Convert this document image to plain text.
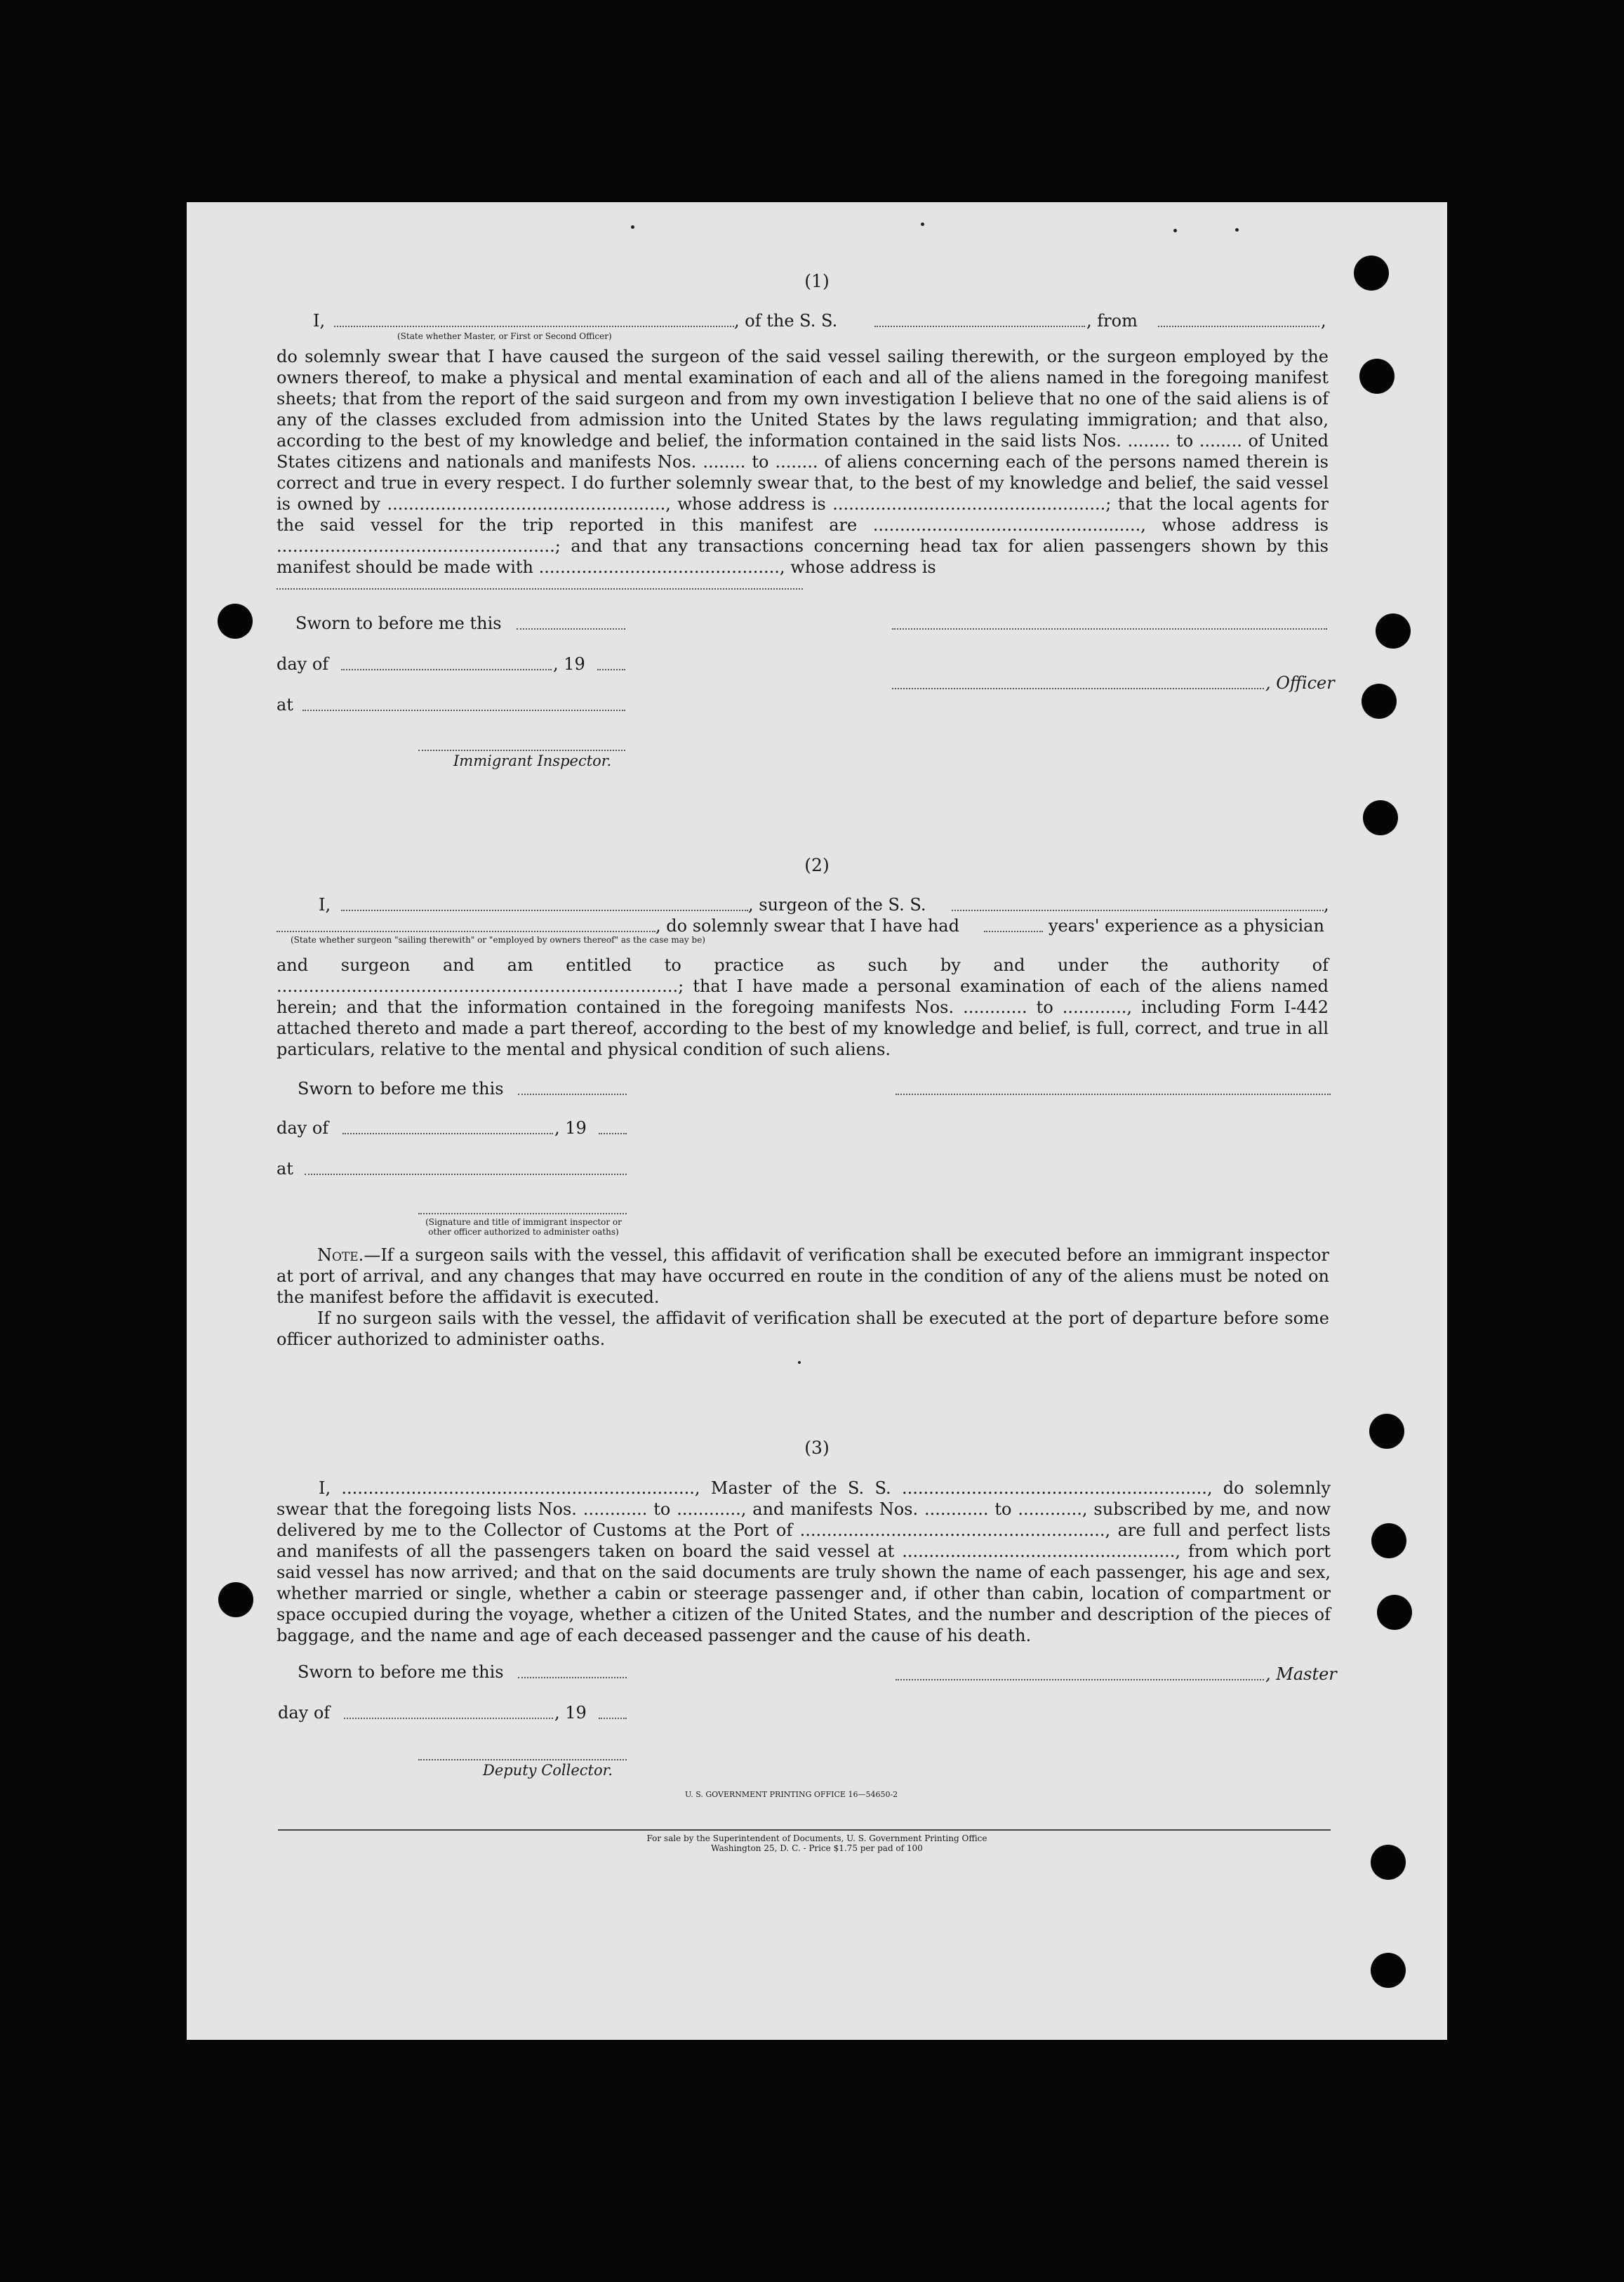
(1)
I,	, of the S. S.	, from	,
(State whether Master, or First or Second Officer)
do solemnly swear that I have caused the surgeon of the said vessel sailing therewith, or the surgeon employed by the owners thereof, to make a physical and mental examination of each and all of the aliens named in the foregoing manifest sheets; that from the report of the said surgeon and from my own investigation I believe that no one of the said aliens is of any of the classes excluded from admission into the United States by the laws regulating immigration; and that also, according to the best of my knowledge and belief, the information contained in the said lists Nos. ........ to ........ of United States citizens and nationals and manifests Nos. ........ to ........ of aliens concerning each of the persons named therein is correct and true in every respect. I do further solemnly swear that, to the best of my knowledge and belief, the said vessel is owned by ...................................................., whose address is ...................................................; that the local agents for the said vessel for the trip reported in this manifest are .................................................., whose address is ....................................................; and that any transactions concerning head tax for alien passengers shown by this manifest should be made with ............................................., whose address is
Sworn to before me this
day of	, 19
, Officer
at
Immigrant Inspector.
(2)
I,	, surgeon of the S. S.	,
, do solemnly swear that I have had	years' experience as a physician
(State whether surgeon "sailing therewith" or "employed by owners thereof" as the case may be)
and surgeon and am entitled to practice as such by and under the authority of ...........................................................................; that I have made a personal examination of each of the aliens named herein; and that the information contained in the foregoing manifests Nos. ............ to ............, including Form I-442 attached thereto and made a part thereof, according to the best of my knowledge and belief, is full, correct, and true in all particulars, relative to the mental and physical condition of such aliens.
Sworn to before me this
day of	, 19
at
(Signature and title of immigrant inspector or
other officer authorized to administer oaths)
Note.—If a surgeon sails with the vessel, this affidavit of verification shall be executed before an immigrant inspector at port of arrival, and any changes that may have occurred en route in the condition of any of the aliens must be noted on the manifest before the affidavit is executed.
If no surgeon sails with the vessel, the affidavit of verification shall be executed at the port of departure before some officer authorized to administer oaths.
(3)
I, .................................................................., Master of the S. S. ........................................................., do solemnly swear that the foregoing lists Nos. ............ to ............, and manifests Nos. ............ to ............, subscribed by me, and now delivered by me to the Collector of Customs at the Port of ........................................................., are full and perfect lists and manifests of all the passengers taken on board the said vessel at ..................................................., from which port said vessel has now arrived; and that on the said documents are truly shown the name of each passenger, his age and sex, whether married or single, whether a cabin or steerage passenger and, if other than cabin, location of compartment or space occupied during the voyage, whether a citizen of the United States, and the number and description of the pieces of baggage, and the name and age of each deceased passenger and the cause of his death.
Sworn to before me this	, Master
day of	, 19
Deputy Collector.
U. S. GOVERNMENT PRINTING OFFICE 16—54650-2
For sale by the Superintendent of Documents, U. S. Government Printing Office
Washington 25, D. C. - Price $1.75 per pad of 100
